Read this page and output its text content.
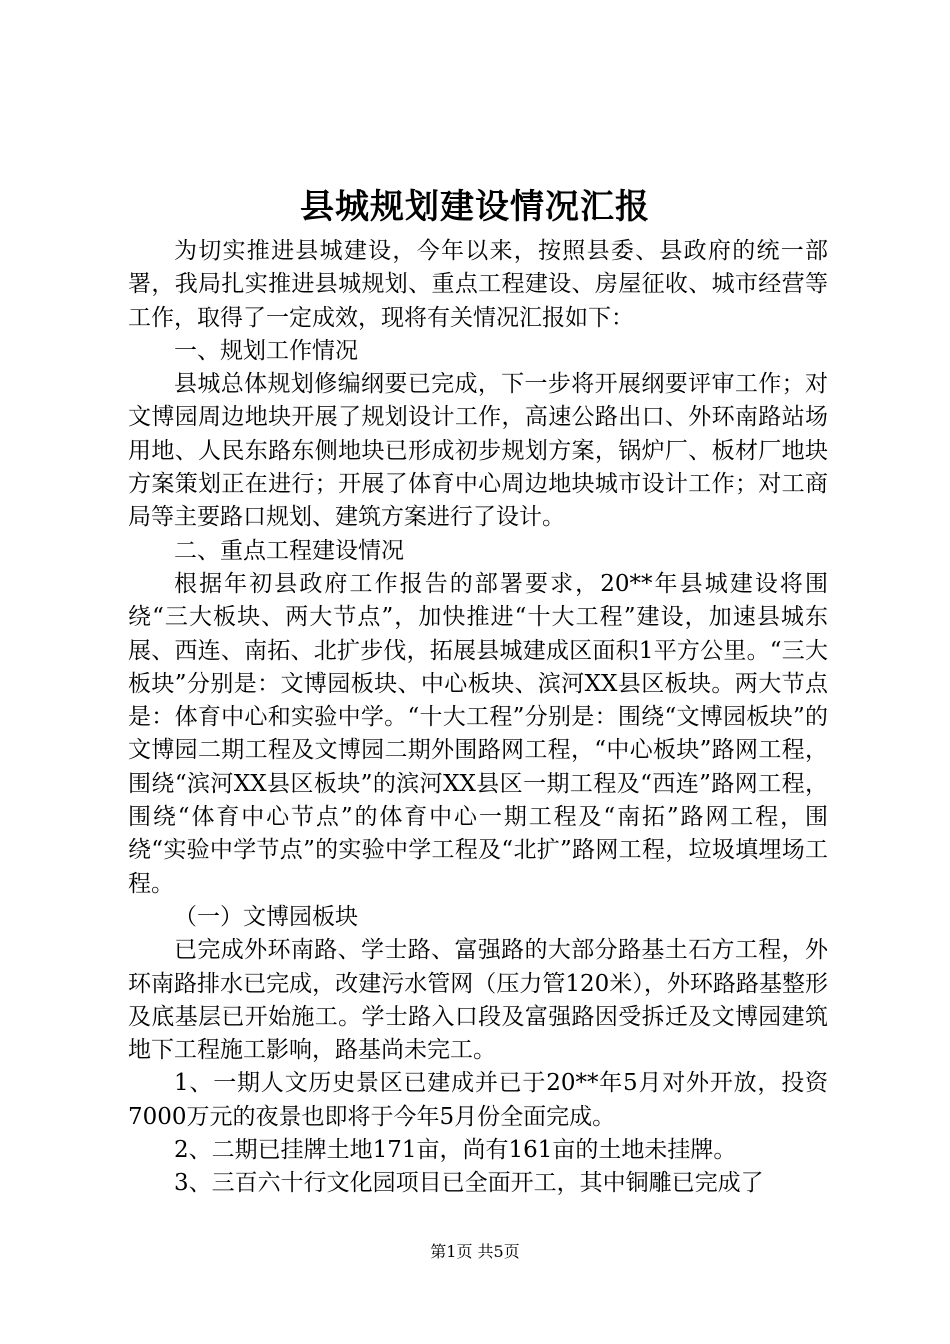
县城规划建设情况汇报

为切实推进县城建设，今年以来，按照县委、县政府的统一部署，我局扎实推进县城规划、重点工程建设、房屋征收、城市经营等工作，取得了一定成效，现将有关情况汇报如下：

一、规划工作情况

县城总体规划修编纲要已完成，下一步将开展纲要评审工作；对文博园周边地块开展了规划设计工作，高速公路出口、外环南路站场用地、人民东路东侧地块已形成初步规划方案，锅炉厂、板材厂地块方案策划正在进行；开展了体育中心周边地块城市设计工作；对工商局等主要路口规划、建筑方案进行了设计。

二、重点工程建设情况

根据年初县政府工作报告的部署要求，20**年县城建设将围绕“三大板块、两大节点”，加快推进“十大工程”建设，加速县城东展、西连、南拓、北扩步伐，拓展县城建成区面积1平方公里。“三大板块”分别是：文博园板块、中心板块、滨河XX县区板块。两大节点是：体育中心和实验中学。“十大工程”分别是：围绕“文博园板块”的文博园二期工程及文博园二期外围路网工程，“中心板块”路网工程，围绕“滨河XX县区板块”的滨河XX县区一期工程及“西连”路网工程，围绕“体育中心节点”的体育中心一期工程及“南拓”路网工程，围绕“实验中学节点”的实验中学工程及“北扩”路网工程，垃圾填埋场工程。

（一）文博园板块

已完成外环南路、学士路、富强路的大部分路基土石方工程，外环南路排水已完成，改建污水管网（压力管120米），外环路路基整形及底基层已开始施工。学士路入口段及富强路因受拆迁及文博园建筑地下工程施工影响，路基尚未完工。

1、一期人文历史景区已建成并已于20**年5月对外开放，投资7000万元的夜景也即将于今年5月份全面完成。

2、二期已挂牌土地171亩，尚有161亩的土地未挂牌。

3、三百六十行文化园项目已全面开工，其中铜雕已完成了

第1页 共5页
